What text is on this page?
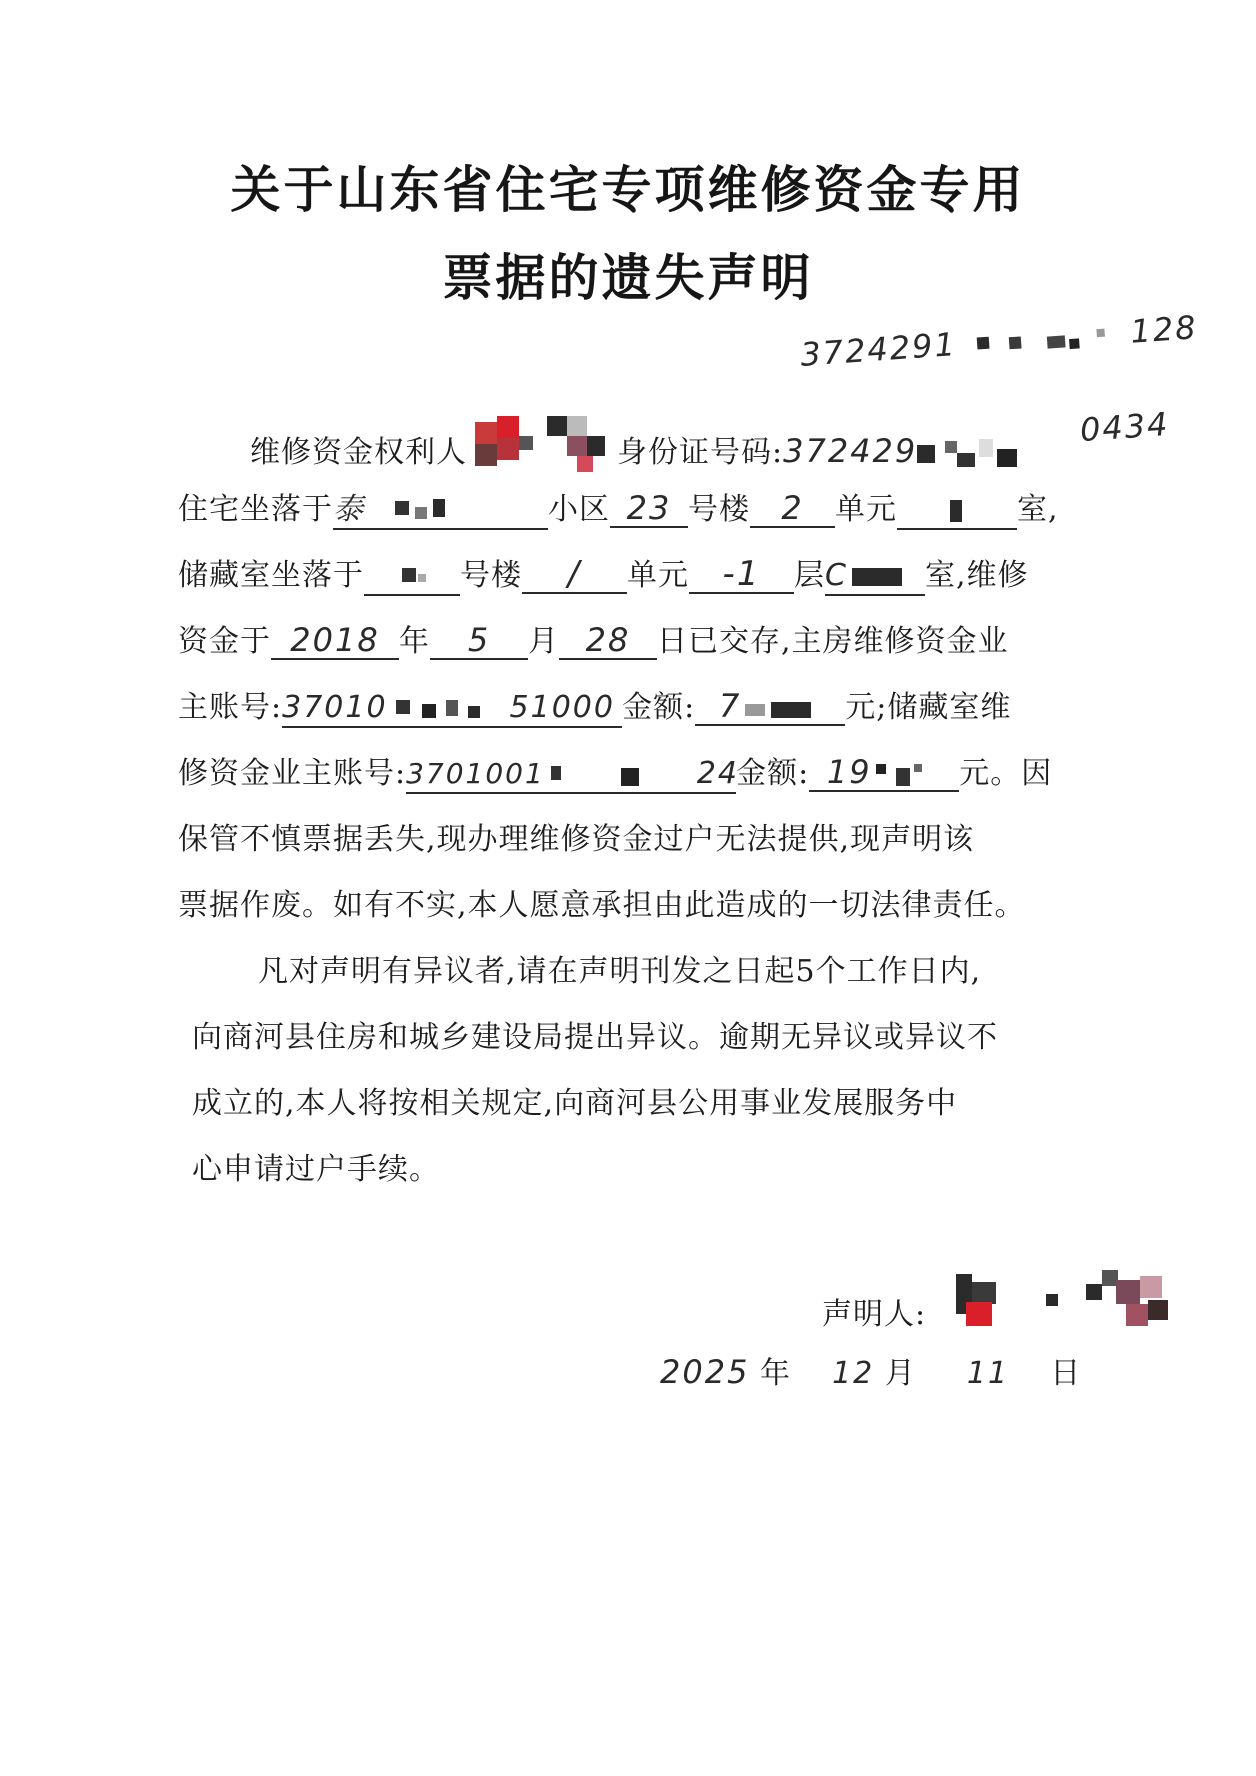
关于山东省住宅专项维修资金专用
票据的遗失声明
3724291	128
维修资金权利人	身份证号码:372429
0434
住宅坐落于泰	小区 23 号楼 2 单元	室,
储藏室坐落于	号楼 / 单元 -1 层C	室,维修
资金于 2018 年 5 月 28 日已交存,主房维修资金业
主账号:37010	51000 金额: 7	元;储藏室维
修资金业主账号:3701001	24金额: 19	元。因
保管不慎票据丢失,现办理维修资金过户无法提供,现声明该
票据作废。如有不实,本人愿意承担由此造成的一切法律责任。
凡对声明有异议者,请在声明刊发之日起5个工作日内,
向商河县住房和城乡建设局提出异议。逾期无异议或异议不
成立的,本人将按相关规定,向商河县公用事业发展服务中
心申请过户手续。
声明人:
2025 年 12 月 11 日
